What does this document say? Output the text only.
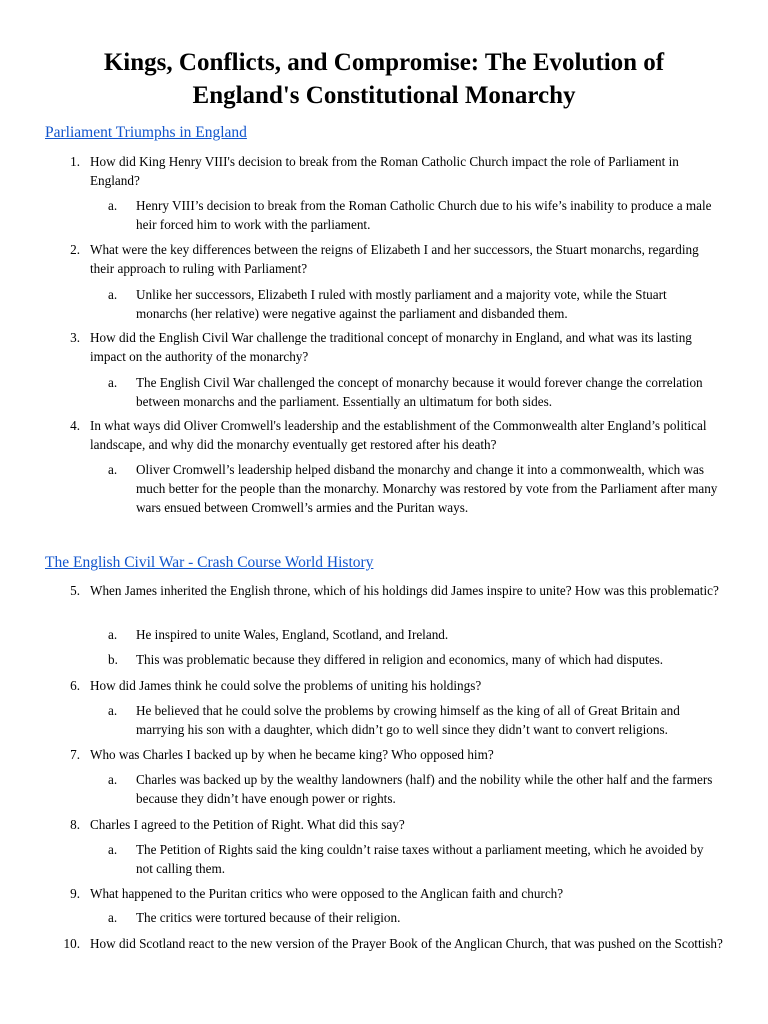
Kings, Conflicts, and Compromise: The Evolution of
England's Constitutional Monarchy
Parliament Triumphs in England
1. How did King Henry VIII's decision to break from the Roman Catholic Church impact the role of Parliament in England?
a.	Henry VIII’s decision to break from the Roman Catholic Church due to his wife’s inability to produce a male heir forced him to work with the parliament.
2. What were the key differences between the reigns of Elizabeth I and her successors, the Stuart monarchs, regarding their approach to ruling with Parliament?
a.	Unlike her successors, Elizabeth I ruled with mostly parliament and a majority vote, while the Stuart monarchs (her relative) were negative against the parliament and disbanded them.
3. How did the English Civil War challenge the traditional concept of monarchy in England, and what was its lasting impact on the authority of the monarchy?
a.	The English Civil War challenged the concept of monarchy because it would forever change the correlation between monarchs and the parliament. Essentially an ultimatum for both sides.
4. In what ways did Oliver Cromwell's leadership and the establishment of the Commonwealth alter England’s political landscape, and why did the monarchy eventually get restored after his death?
a.	Oliver Cromwell’s leadership helped disband the monarchy and change it into a commonwealth, which was much better for the people than the monarchy. Monarchy was restored by vote from the Parliament after many wars ensued between Cromwell’s armies and the Puritan ways.
The English Civil War - Crash Course World History
5. When James inherited the English throne, which of his holdings did James inspire to unite? How was this problematic?
a.	He inspired to unite Wales, England, Scotland, and Ireland.
b.	This was problematic because they differed in religion and economics, many of which had disputes.
6. How did James think he could solve the problems of uniting his holdings?
a.	He believed that he could solve the problems by crowing himself as the king of all of Great Britain and marrying his son with a daughter, which didn’t go to well since they didn’t want to convert religions.
7. Who was Charles I backed up by when he became king? Who opposed him?
a.	Charles was backed up by the wealthy landowners (half) and the nobility while the other half and the farmers because they didn’t have enough power or rights.
8. Charles I agreed to the Petition of Right. What did this say?
a.	The Petition of Rights said the king couldn’t raise taxes without a parliament meeting, which he avoided by not calling them.
9. What happened to the Puritan critics who were opposed to the Anglican faith and church?
a.	The critics were tortured because of their religion.
10. How did Scotland react to the new version of the Prayer Book of the Anglican Church, that was pushed on the Scottish?
